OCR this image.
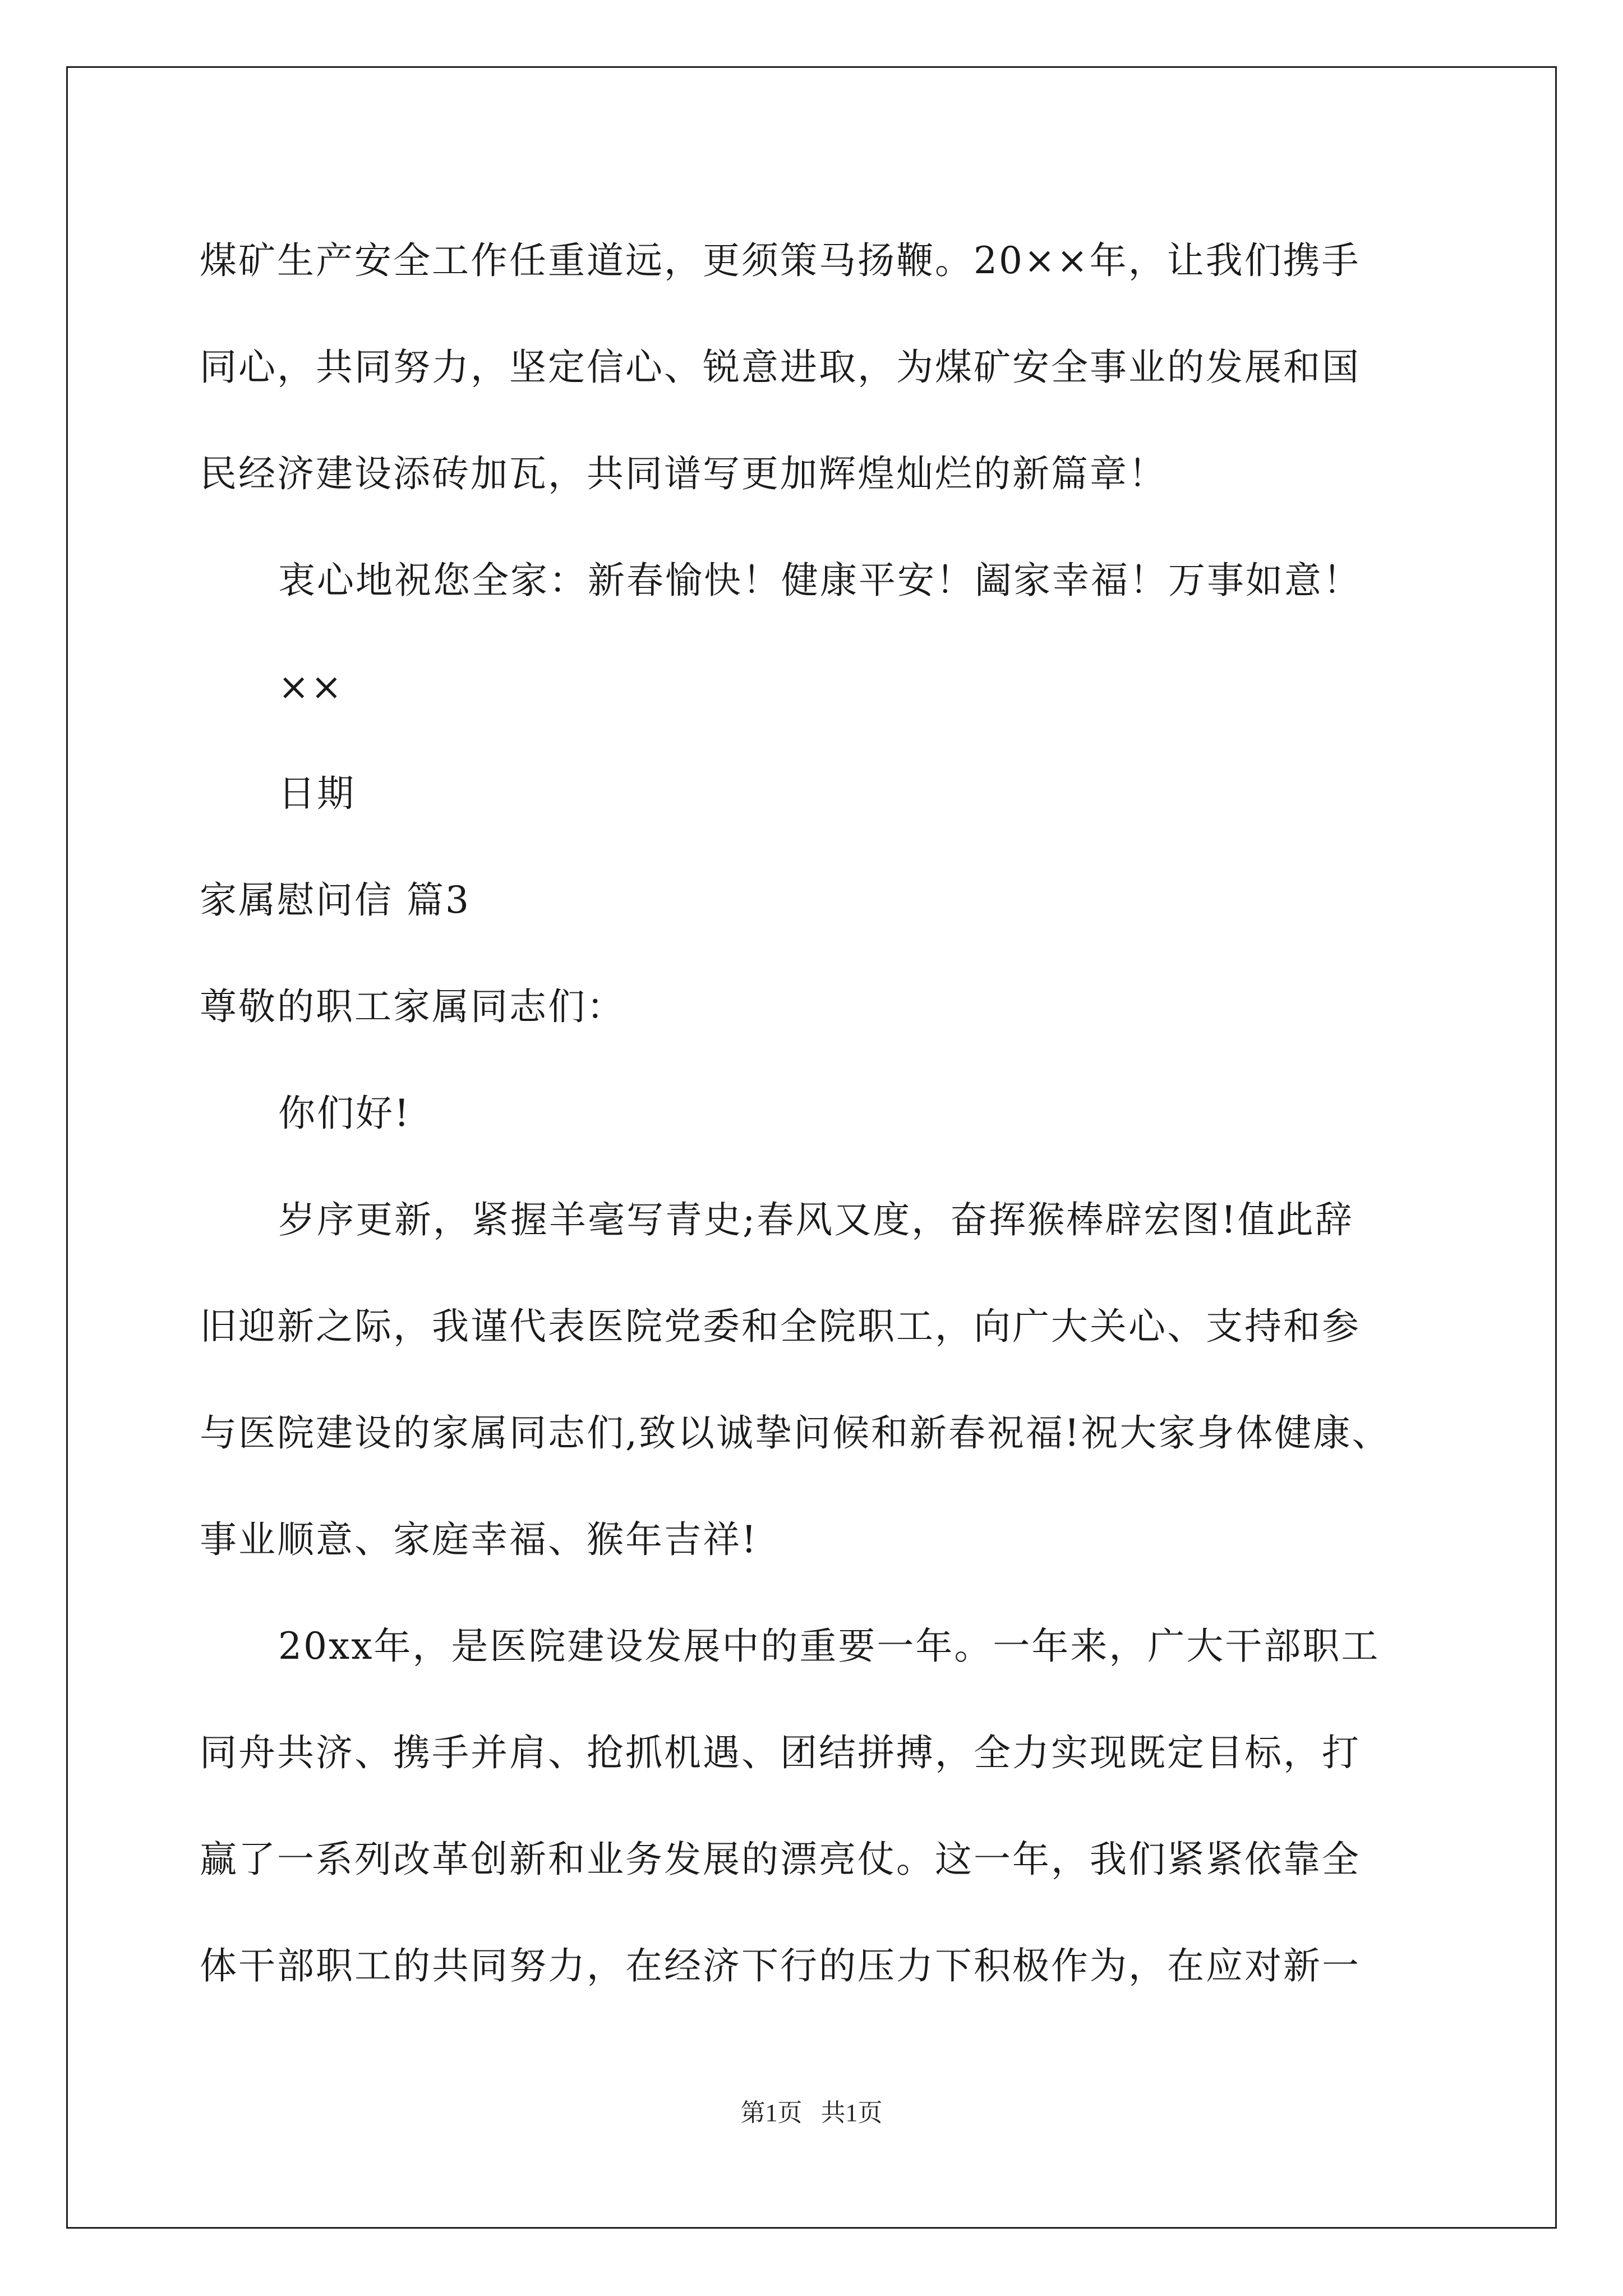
煤矿生产安全工作任重道远，更须策马扬鞭。20××年，让我们携手
同心，共同努力，坚定信心、锐意进取，为煤矿安全事业的发展和国
民经济建设添砖加瓦，共同谱写更加辉煌灿烂的新篇章！
衷心地祝您全家：新春愉快！健康平安！阖家幸福！万事如意！
××
日期
家属慰问信 篇3
尊敬的职工家属同志们：
你们好!
岁序更新，紧握羊毫写青史;春风又度，奋挥猴棒辟宏图!值此辞
旧迎新之际，我谨代表医院党委和全院职工，向广大关心、支持和参
与医院建设的家属同志们,致以诚挚问候和新春祝福!祝大家身体健康、
事业顺意、家庭幸福、猴年吉祥!
20xx年，是医院建设发展中的重要一年。一年来，广大干部职工
同舟共济、携手并肩、抢抓机遇、团结拼搏，全力实现既定目标，打
赢了一系列改革创新和业务发展的漂亮仗。这一年，我们紧紧依靠全
体干部职工的共同努力，在经济下行的压力下积极作为，在应对新一
第1页   共1页
